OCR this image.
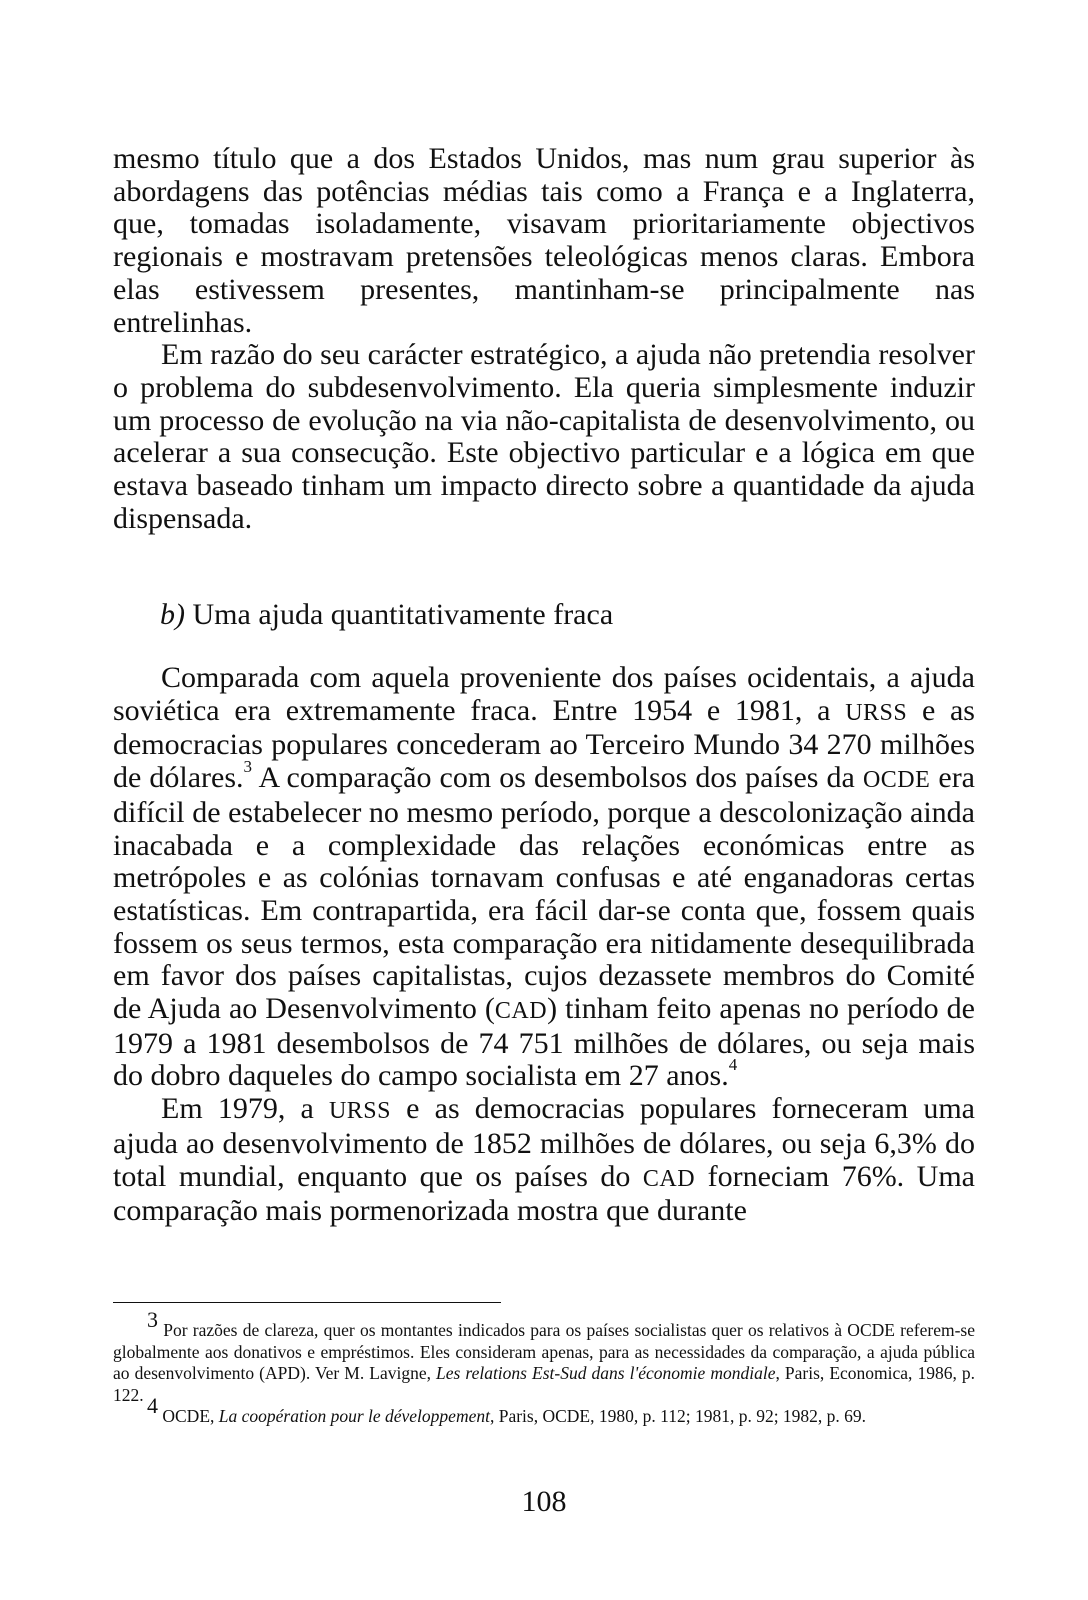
mesmo título que a dos Estados Unidos, mas num grau superior às abordagens das potências médias tais como a França e a Inglaterra, que, tomadas isoladamente, visavam prioritariamente objectivos regionais e mostravam pretensões teleológicas menos claras. Embora elas estivessem presentes, mantinham-se principalmente nas entrelinhas.

Em razão do seu carácter estratégico, a ajuda não pretendia resolver o problema do subdesenvolvimento. Ela queria simplesmente induzir um processo de evolução na via não-capitalista de desenvolvimento, ou acelerar a sua consecução. Este objectivo particular e a lógica em que estava baseado tinham um impacto directo sobre a quantidade da ajuda dispensada.

b) Uma ajuda quantitativamente fraca

Comparada com aquela proveniente dos países ocidentais, a ajuda soviética era extremamente fraca. Entre 1954 e 1981, a URSS e as democracias populares concederam ao Terceiro Mundo 34 270 milhões de dólares.$^3$ A comparação com os desembolsos dos países da OCDE era difícil de estabelecer no mesmo período, porque a descolonização ainda inacabada e a complexidade das relações económicas entre as metrópoles e as colónias tornavam confusas e até enganadoras certas estatísticas. Em contrapartida, era fácil dar-se conta que, fossem quais fossem os seus termos, esta comparação era nitidamente desequilibrada em favor dos países capitalistas, cujos dezassete membros do Comité de Ajuda ao Desenvolvimento (CAD) tinham feito apenas no período de 1979 a 1981 desembolsos de 74 751 milhões de dólares, ou seja mais do dobro daqueles do campo socialista em 27 anos.$^4$

Em 1979, a URSS e as democracias populares forneceram uma ajuda ao desenvolvimento de 1852 milhões de dólares, ou seja 6,3% do total mundial, enquanto que os países do CAD forneciam 76%. Uma comparação mais pormenorizada mostra que durante

$^3$ Por razões de clareza, quer os montantes indicados para os países socialistas quer os relativos à OCDE referem-se globalmente aos donativos e empréstimos. Eles consideram apenas, para as necessidades da comparação, a ajuda pública ao desenvolvimento (APD). Ver M. Lavigne, Les relations Est-Sud dans l'économie mondiale, Paris, Economica, 1986, p. 122. $^4$ OCDE, La coopération pour le développement, Paris, OCDE, 1980, p. 112; 1981, p. 92; 1982, p. 69.

108
